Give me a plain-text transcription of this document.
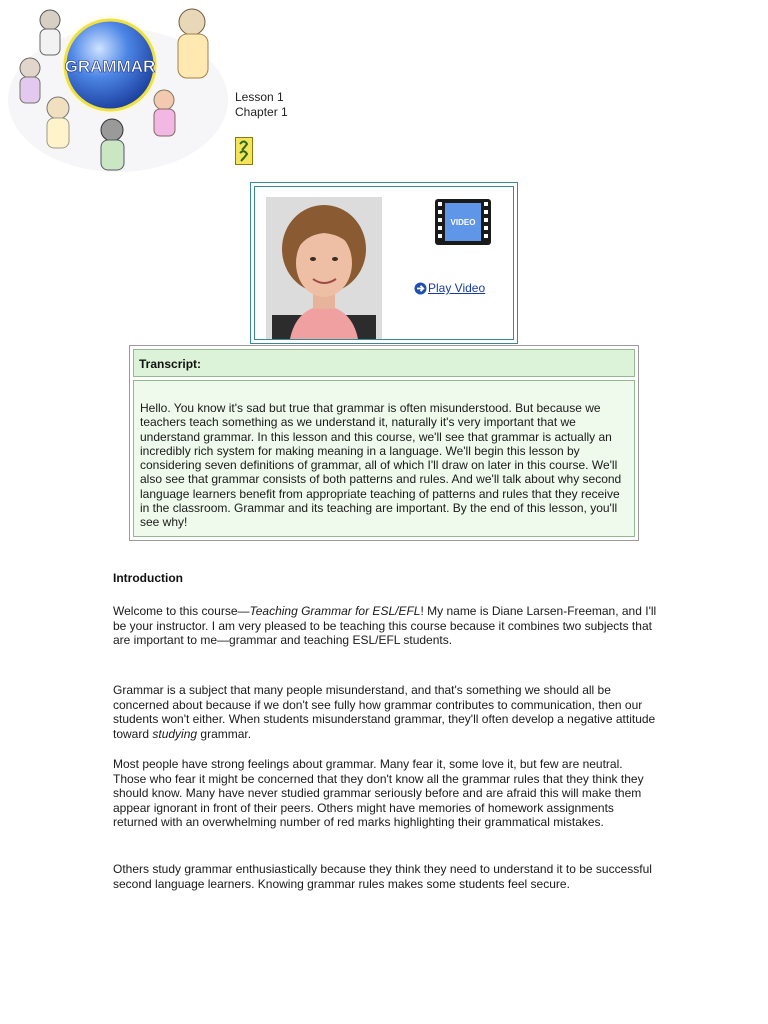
GRAMMAR
Lesson 1
Chapter 1
VIDEO
Play Video
Transcript:
Hello. You know it's sad but true that grammar is often misunderstood. But because we teachers teach something as we understand it, naturally it's very important that we understand grammar. In this lesson and this course, we'll see that grammar is actually an incredibly rich system for making meaning in a language. We'll begin this lesson by considering seven definitions of grammar, all of which I'll draw on later in this course. We'll also see that grammar consists of both patterns and rules. And we'll talk about why second language learners benefit from appropriate teaching of patterns and rules that they receive in the classroom. Grammar and its teaching are important. By the end of this lesson, you'll see why!
Introduction

Welcome to this course—Teaching Grammar for ESL/EFL! My name is Diane Larsen-Freeman, and I'll be your instructor. I am very pleased to be teaching this course because it combines two subjects that are important to me—grammar and teaching ESL/EFL students.

Grammar is a subject that many people misunderstand, and that's something we should all be concerned about because if we don't see fully how grammar contributes to communication, then our students won't either. When students misunderstand grammar, they'll often develop a negative attitude toward studying grammar.

Most people have strong feelings about grammar. Many fear it, some love it, but few are neutral. Those who fear it might be concerned that they don't know all the grammar rules that they think they should know. Many have never studied grammar seriously before and are afraid this will make them appear ignorant in front of their peers. Others might have memories of homework assignments returned with an overwhelming number of red marks highlighting their grammatical mistakes.

Others study grammar enthusiastically because they think they need to understand it to be successful second language learners. Knowing grammar rules makes some students feel secure.
